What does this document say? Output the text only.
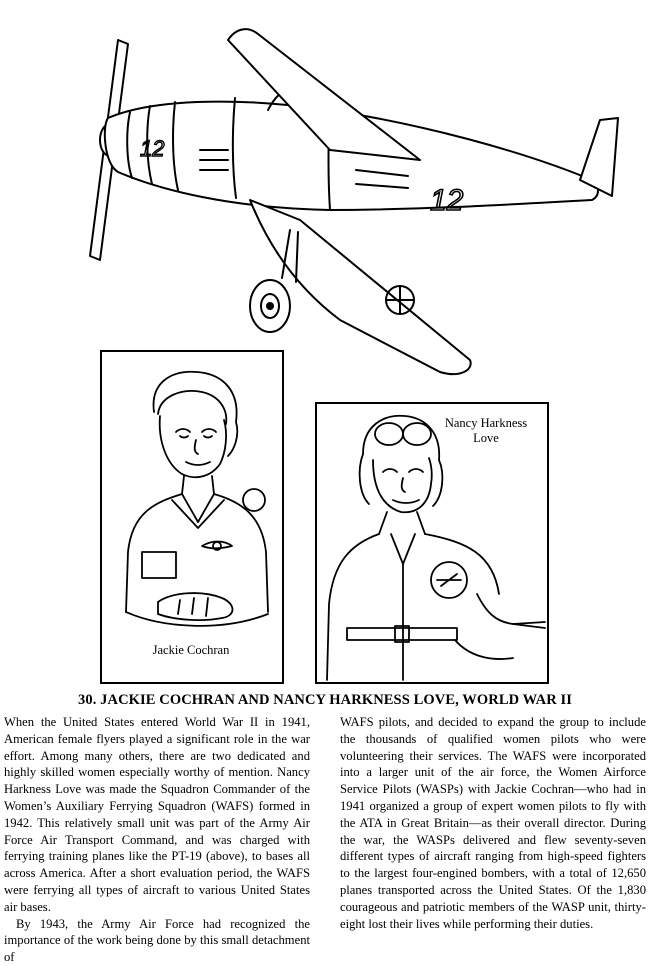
12
12
Jackie Cochran
Nancy Harkness
Love
30. JACKIE COCHRAN AND NANCY HARKNESS LOVE, WORLD WAR II

When the United States entered World War II in 1941, American female flyers played a significant role in the war effort. Among many others, there are two dedicated and highly skilled women especially worthy of mention. Nancy Harkness Love was made the Squadron Commander of the Women’s Auxiliary Ferrying Squadron (WAFS) formed in 1942. This relatively small unit was part of the Army Air Force Air Transport Command, and was charged with ferrying training planes like the PT-19 (above), to bases all across America. After a short evaluation period, the WAFS were ferrying all types of aircraft to various United States air bases.

By 1943, the Army Air Force had recognized the importance of the work being done by this small detachment of

WAFS pilots, and decided to expand the group to include the thousands of qualified women pilots who were volunteering their services. The WAFS were incorporated into a larger unit of the air force, the Women Airforce Service Pilots (WASPs) with Jackie Cochran—who had in 1941 organized a group of expert women pilots to fly with the ATA in Great Britain—as their overall director. During the war, the WASPs delivered and flew seventy-seven different types of aircraft ranging from high-speed fighters to the largest four-engined bombers, with a total of 12,650 planes transported across the United States. Of the 1,830 courageous and patriotic members of the WASP unit, thirty-eight lost their lives while performing their duties.
